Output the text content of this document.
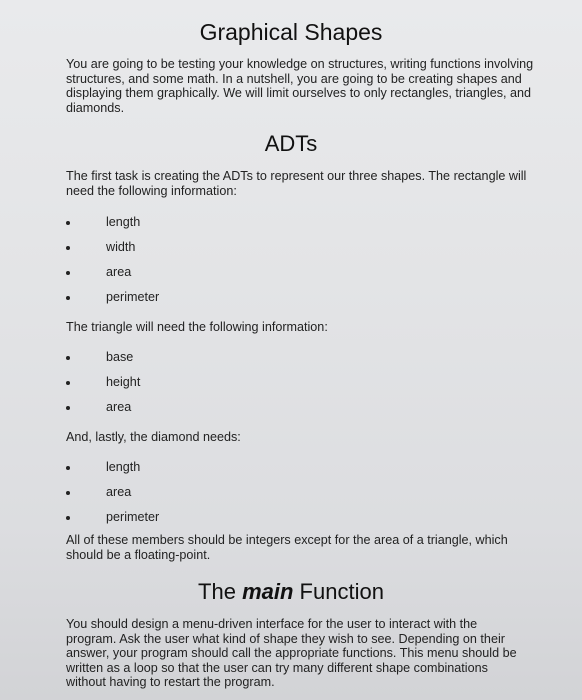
Graphical Shapes

You are going to be testing your knowledge on structures, writing functions involving structures, and some math. In a nutshell, you are going to be creating shapes and displaying them graphically. We will limit ourselves to only rectangles, triangles, and diamonds.

ADTs

The first task is creating the ADTs to represent our three shapes. The rectangle will need the following information:

length
width
area
perimeter

The triangle will need the following information:

base
height
area

And, lastly, the diamond needs:

length
area
perimeter

All of these members should be integers except for the area of a triangle, which should be a floating-point.

The main Function

You should design a menu-driven interface for the user to interact with the program. Ask the user what kind of shape they wish to see. Depending on their answer, your program should call the appropriate functions. This menu should be written as a loop so that the user can try many different shape combinations without having to restart the program.
